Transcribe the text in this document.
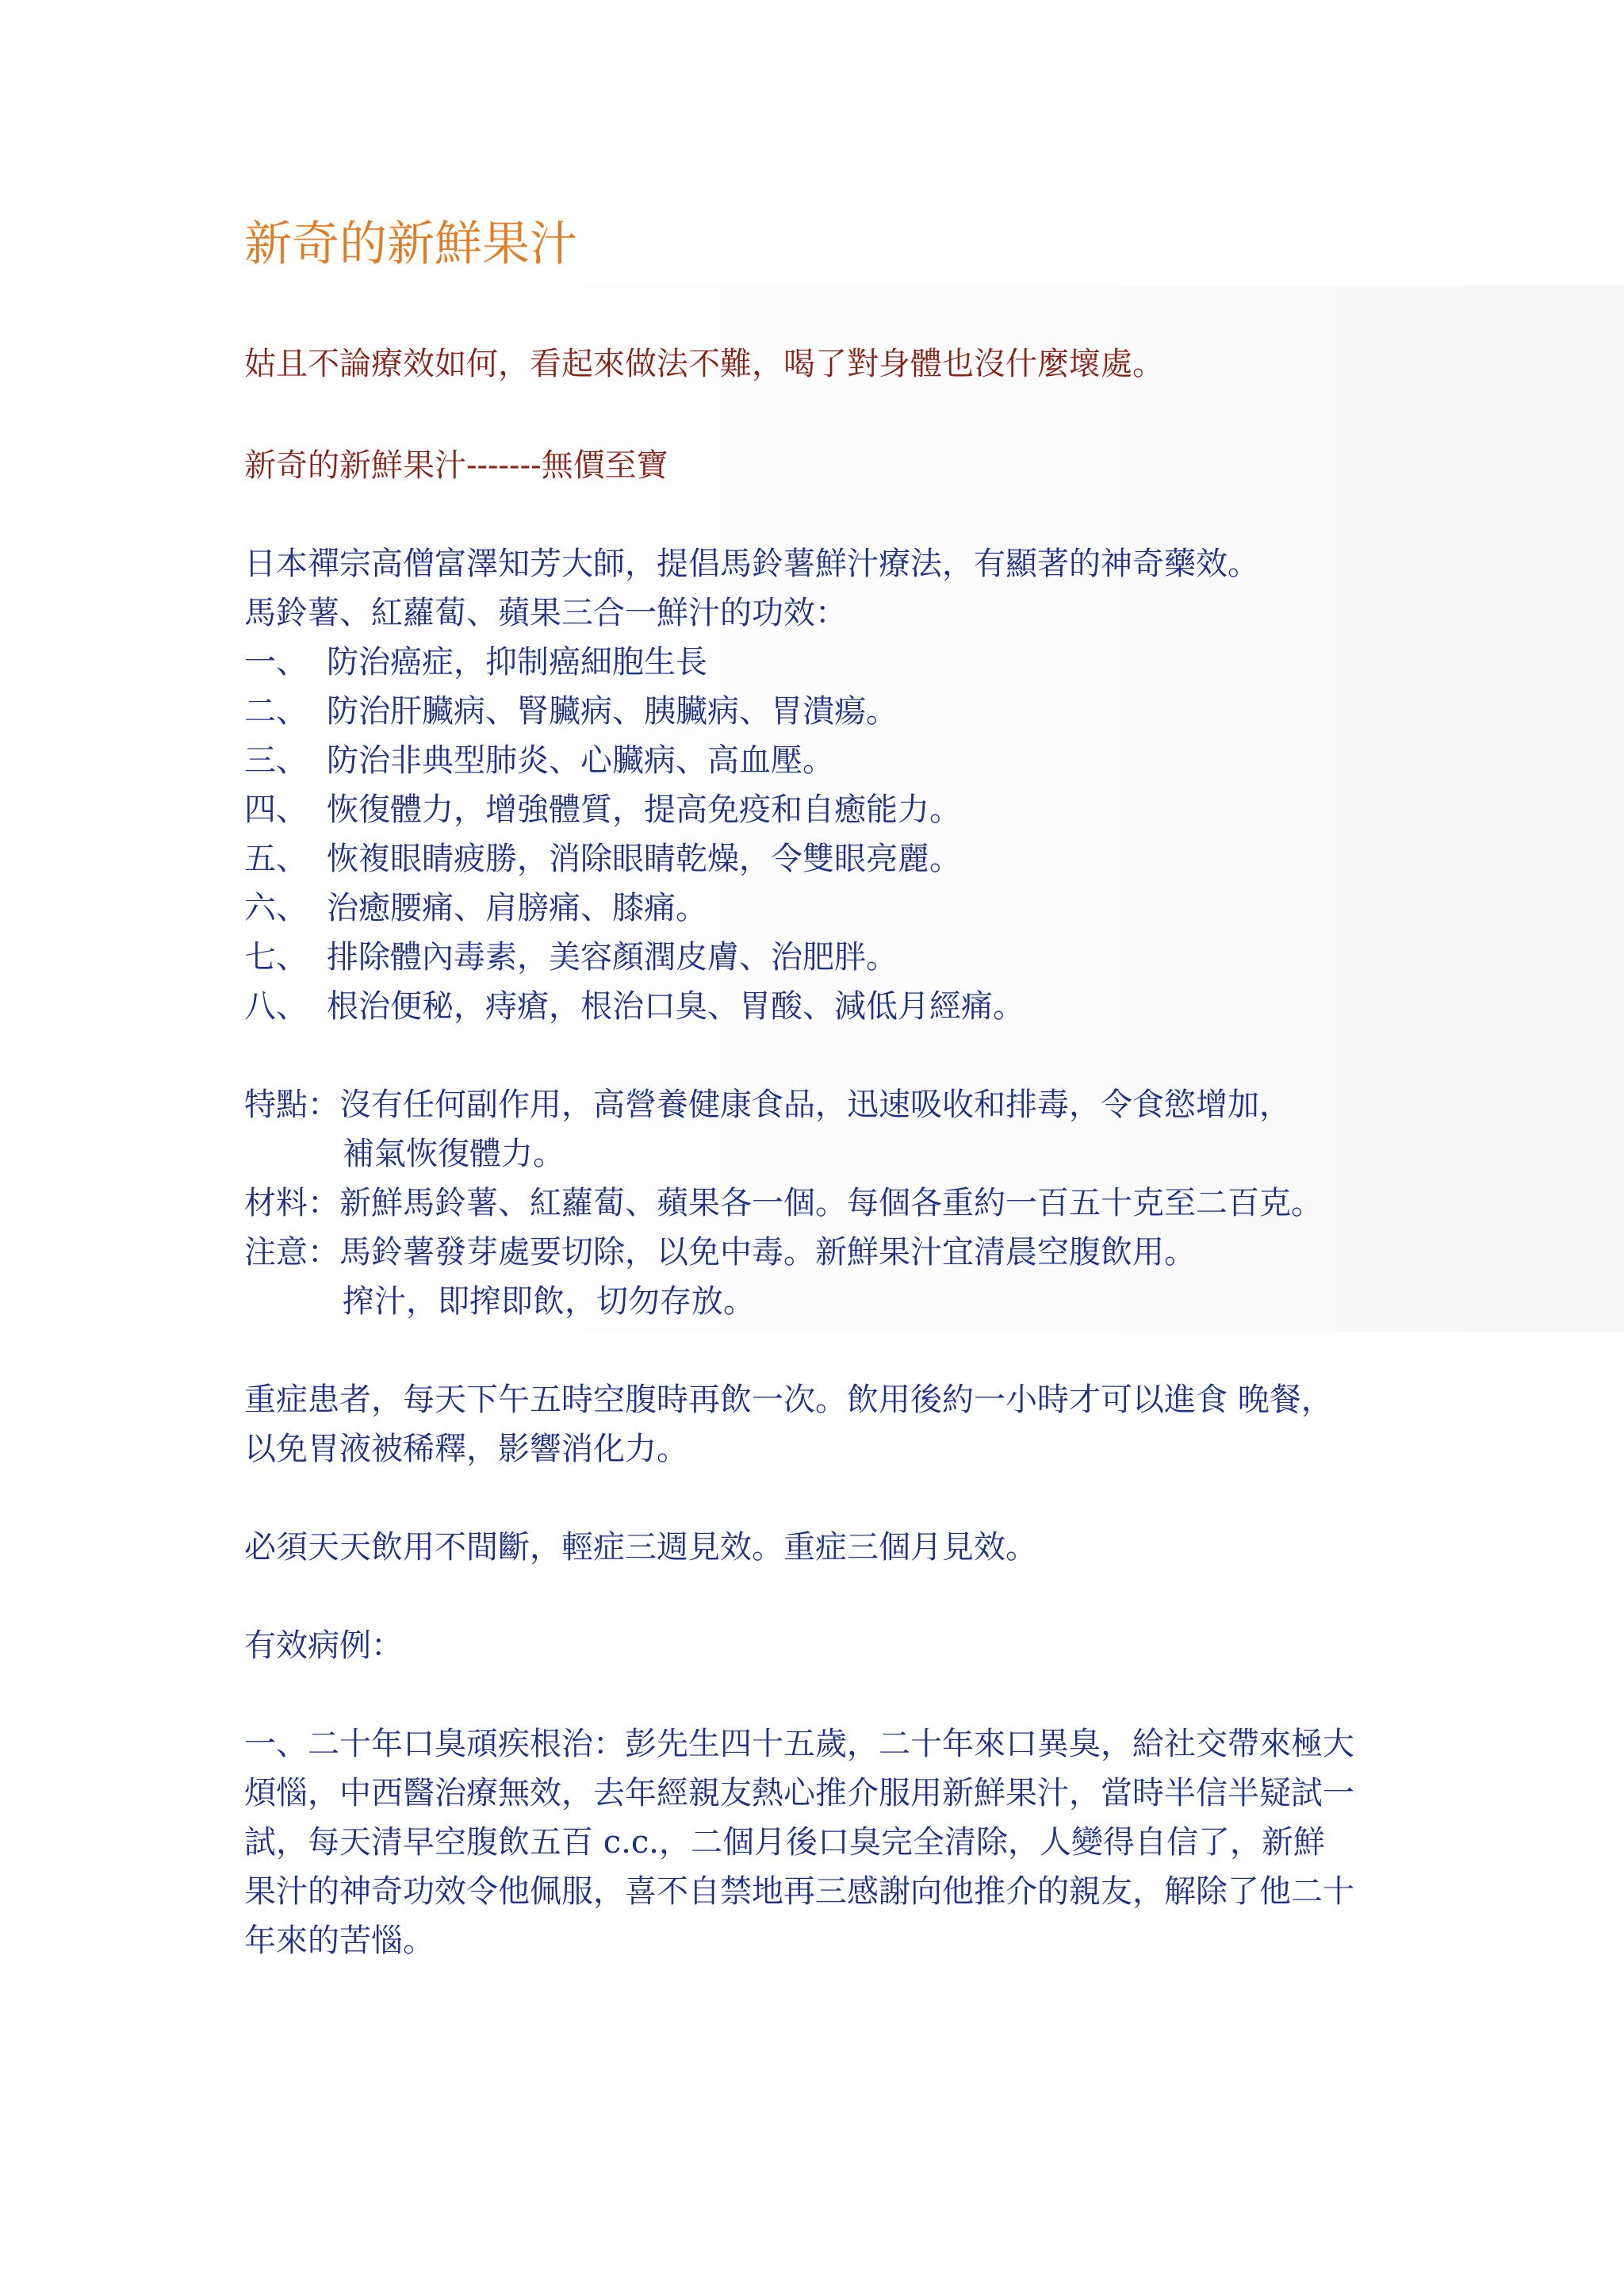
新奇的新鮮果汁
姑且不論療效如何，看起來做法不難，喝了對身體也沒什麼壞處。
新奇的新鮮果汁-------無價至寶
日本禪宗高僧富澤知芳大師，提倡馬鈴薯鮮汁療法，有顯著的神奇藥效。
馬鈴薯、紅蘿蔔、蘋果三合一鮮汁的功效：
一、 防治癌症，抑制癌細胞生長
二、 防治肝臟病、腎臟病、胰臟病、胃潰瘍。
三、 防治非典型肺炎、心臟病、高血壓。
四、 恢復體力，增強體質，提高免疫和自癒能力。
五、 恢複眼睛疲勝，消除眼睛乾燥，令雙眼亮麗。
六、 治癒腰痛、肩膀痛、膝痛。
七、 排除體內毒素，美容顏潤皮膚、治肥胖。
八、 根治便秘，痔瘡，根治口臭、胃酸、減低月經痛。
特點：沒有任何副作用，高營養健康食品，迅速吸收和排毒，令食慾增加，
補氣恢復體力。
材料：新鮮馬鈴薯、紅蘿蔔、蘋果各一個。每個各重約一百五十克至二百克。
注意：馬鈴薯發芽處要切除，以免中毒。新鮮果汁宜清晨空腹飲用。
搾汁，即搾即飲，切勿存放。
重症患者，每天下午五時空腹時再飲一次。飲用後約一小時才可以進食 晚餐，
以免胃液被稀釋，影響消化力。
必須天天飲用不間斷，輕症三週見效。重症三個月見效。
有效病例：
一、二十年口臭頑疾根治：彭先生四十五歲，二十年來口異臭，給社交帶來極大
煩惱，中西醫治療無效，去年經親友熱心推介服用新鮮果汁，當時半信半疑試一
試，每天清早空腹飲五百 c.c.，二個月後口臭完全清除，人變得自信了，新鮮
果汁的神奇功效令他佩服，喜不自禁地再三感謝向他推介的親友，解除了他二十
年來的苦惱。
